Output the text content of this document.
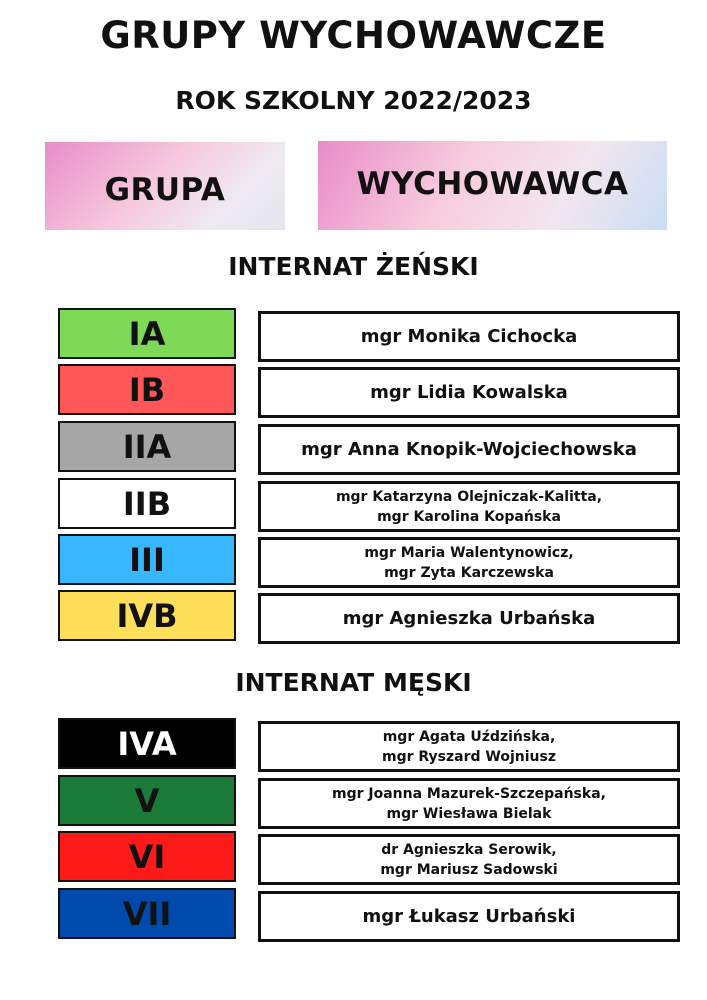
GRUPY WYCHOWAWCZE
ROK SZKOLNY 2022/2023
GRUPA	WYCHOWAWCA
INTERNAT ŻEŃSKI
IA	mgr Monika Cichocka
IB	mgr Lidia Kowalska
IIA	mgr Anna Knopik-Wojciechowska
IIB	mgr Katarzyna Olejniczak-Kalitta,
mgr Karolina Kopańska
III	mgr Maria Walentynowicz,
mgr Zyta Karczewska
IVB	mgr Agnieszka Urbańska
INTERNAT MĘSKI
IVA	mgr Agata Uździńska,
mgr Ryszard Wojniusz
V	mgr Joanna Mazurek-Szczepańska,
mgr Wiesława Bielak
VI	dr Agnieszka Serowik,
mgr Mariusz Sadowski
VII	mgr Łukasz Urbański
